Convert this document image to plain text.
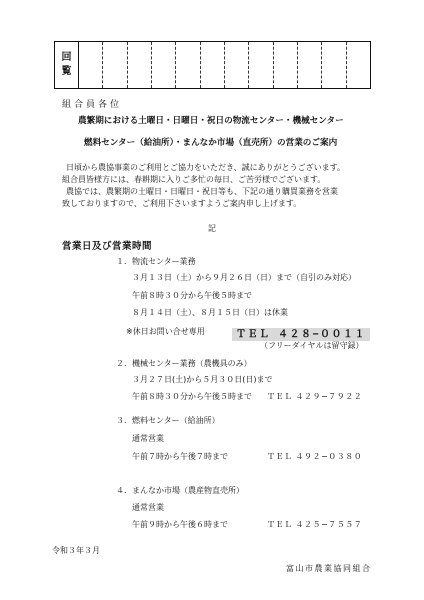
回
覧
組合員各位
農繁期における土曜日・日曜日・祝日の物流センター・機械センター
燃料センター（給油所）・まんなか市場（直売所）の営業のご案内
日頃から農協事業のご利用とご協力をいただき、誠にありがとうございます。
組合員皆様方には、春耕期に入りご多忙の毎日、ご苦労様でございます。
農協では、農繁期の土曜日・日曜日・祝日等も、下記の通り購買業務を営業
致しておりますので、ご利用下さいますようご案内申し上げます。
記
営業日及び営業時間
１．物流センター業務
３月１３日（土）から９月２６日（日）まで（自引のみ対応）
午前８時３０分から午後５時まで
８月１４日（土）、８月１５日（日）は休業
※休日お問い合せ専用	ＴＥＬ ４２８−００１１
（フリーダイヤルは留守録）
２．機械センター業務（農機具のみ）
３月２７日(土)から５月３０日(日)まで
午前８時３０分から午後５時まで ＴＥＬ ４２９−７９２２
３．燃料センター（給油所）
通常営業
午前７時から午後７時まで	ＴＥＬ ４９２−０３８０
４．まんなか市場（農産物直売所）
通常営業
午前９時から午後６時まで	ＴＥＬ ４２５−７５５７
令和３年３月
富山市農業協同組合
